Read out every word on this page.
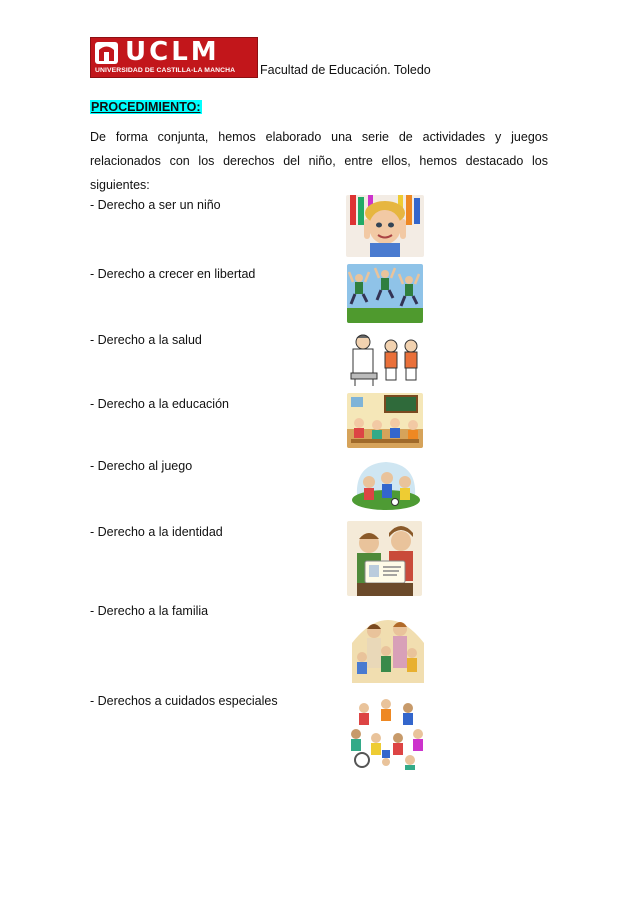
UCLM
UNIVERSIDAD DE CASTILLA-LA MANCHA	Facultad de Educación. Toledo
PROCEDIMIENTO:
De forma conjunta, hemos elaborado una serie de actividades y juegos relacionados con los derechos del niño, entre ellos, hemos destacado los siguientes:
- Derecho a ser un niño
- Derecho a crecer en libertad
- Derecho a la salud
- Derecho a la educación
- Derecho al juego
- Derecho a la identidad
- Derecho a la familia
- Derechos a cuidados especiales
